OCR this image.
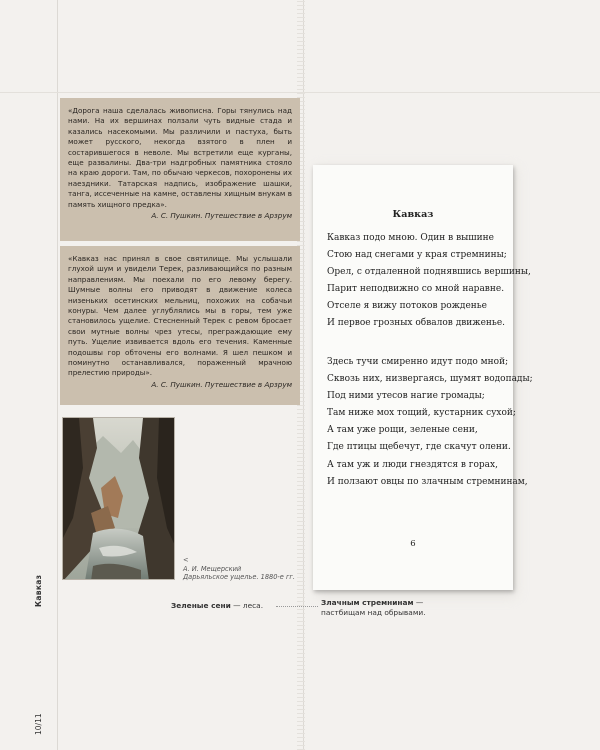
«Дорога наша сделалась живописна. Горы тянулись над нами. На их вершинах ползали чуть видные стада и казались насекомыми. Мы различили и пастуха, быть может русского, некогда взятого в плен и состарившегося в неволе. Мы встретили еще курганы, еще развалины. Два-три надгробных памятника стояло на краю дороги. Там, по обычаю черкесов, похоронены их наездники. Татарская надпись, изображение шашки, танга, иссеченные на камне, оставлены хищным внукам в память хищного предка».
А. С. Пушкин. Путешествие в Арзрум
«Кавказ нас принял в свое святилище. Мы услышали глухой шум и увидели Терек, разливающийся по разным направлениям. Мы поехали по его левому берегу. Шумные волны его приводят в движение колеса низеньких осетинских мельниц, похожих на собачьи конуры. Чем далее углублялись мы в горы, тем уже становилось ущелие. Стесненный Терек с ревом бросает свои мутные волны чрез утесы, преграждающие ему путь. Ущелие извивается вдоль его течения. Каменные подошвы гор обточены его волнами. Я шел пешком и поминутно останавливался, пораженный мрачною прелестию природы».
А. С. Пушкин. Путешествие в Арзрум
<
А. И. Мещерский
Дарьяльское ущелье. 1880-е гг.
Кавказ
10/11
Кавказ
Кавказ подо мною. Один в вышине
Стою над снегами у края стремнины;
Орел, с отдаленной поднявшись вершины,
Парит неподвижно со мной наравне.
Отселе я вижу потоков рожденье
И первое грозных обвалов движенье.
Здесь тучи смиренно идут подо мной;
Сквозь них, низвергаясь, шумят водопады;
Под ними утесов нагие громады;
Там ниже мох тощий, кустарник сухой;
А там уже рощи, зеленые сени,
Где птицы щебечут, где скачут олени.
А там уж и люди гнездятся в горах,
И ползают овцы по злачным стремнинам,
6
Зеленые сени — леса.	Злачным стремнинам — пастбищам над обрывами.
